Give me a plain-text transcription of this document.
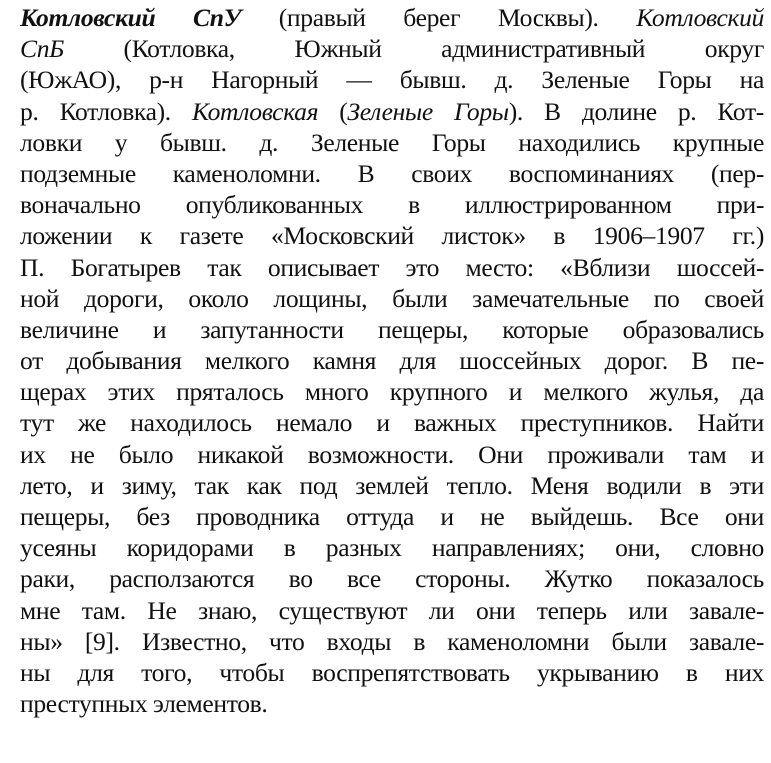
Котловский СпУ (правый берег Москвы). Котловский
СпБ (Котловка, Южный административный округ
(ЮжАО), р-н Нагорный — бывш. д. Зеленые Горы на
р. Котловка). Котловская (Зеленые Горы). В долине р. Кот-
ловки у бывш. д. Зеленые Горы находились крупные
подземные каменоломни. В своих воспоминаниях (пер-
воначально опубликованных в иллюстрированном при-
ложении к газете «Московский листок» в 1906–1907 гг.)
П. Богатырев так описывает это место: «Вблизи шоссей-
ной дороги, около лощины, были замечательные по своей
величине и запутанности пещеры, которые образовались
от добывания мелкого камня для шоссейных дорог. В пе-
щерах этих пряталось много крупного и мелкого жулья, да
тут же находилось немало и важных преступников. Найти
их не было никакой возможности. Они проживали там и
лето, и зиму, так как под землей тепло. Меня водили в эти
пещеры, без проводника оттуда и не выйдешь. Все они
усеяны коридорами в разных направлениях; они, словно
раки, расползаются во все стороны. Жутко показалось
мне там. Не знаю, существуют ли они теперь или завале-
ны» [9]. Известно, что входы в каменоломни были завале-
ны для того, чтобы воспрепятствовать укрыванию в них
преступных элементов.
